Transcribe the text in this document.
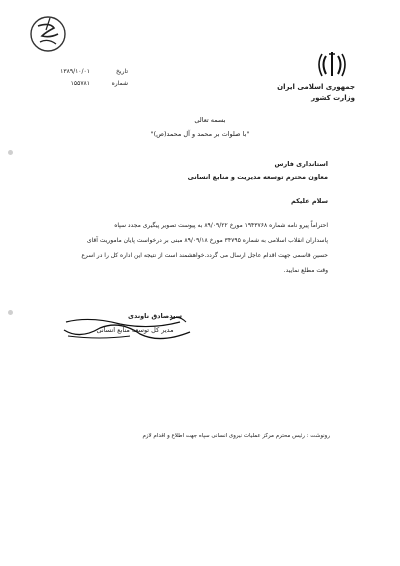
جمهوری اسلامی ایران
وزارت کشور
تاریخ
۱۳۸۹/۱۰/۰۱
شماره
۱۵۵۷۸۱
بسمه تعالی
"با صلوات بر محمد و آل محمد(ص)"
استانداری فارس
معاون محترم توسعه مدیریت و منابع انسانی
سلام علیکم
احتراماً پیرو نامه شماره ۱۹۴۳۷۶۸ مورخ ۸۹/۰۹/۲۲ به پیوست تصویر پیگیری مجدد سپاه
پاسداران انقلاب اسلامی به شماره ۳۴۷۹۵ مورخ ۸۹/۰۹/۱۸ مبنی بر درخواست پایان ماموریت آقای
حسین قاسمی جهت اقدام عاجل ارسال می گردد.خواهشمند است از نتیجه این اداره کل را در اسرع
وقت مطلع نمایید.
سیدصادق ناوندی
مدیر کل توسعه منابع انسانی
رونوشت : رئیس محترم مرکز عملیات نیروی انسانی سپاه جهت اطلاع و اقدام لازم
